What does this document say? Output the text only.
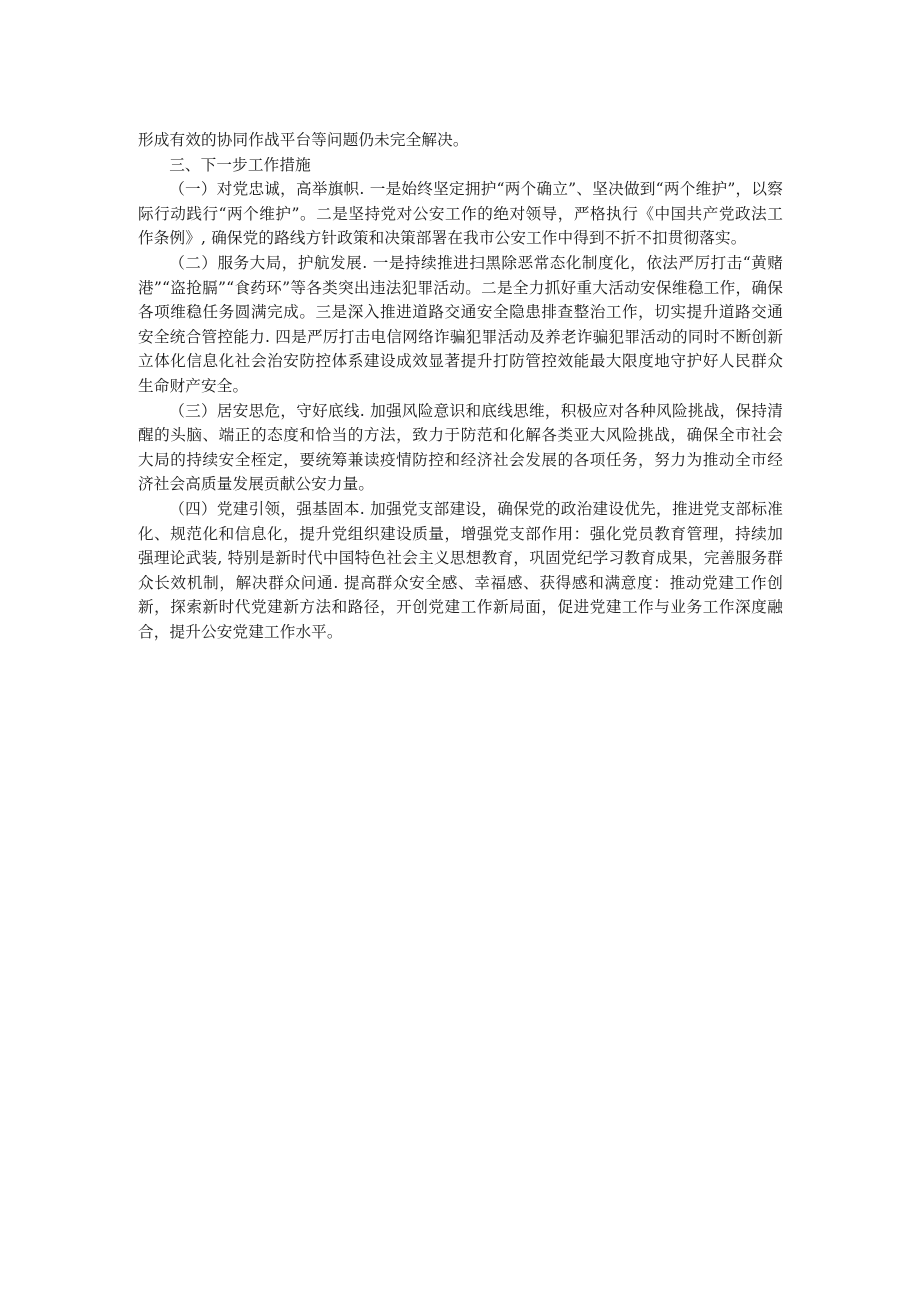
形成有效的协同作战平台等问题仍未完全解决。

三、下一步工作措施

（一）对党忠诚，高举旗帜. 一是始终坚定拥护“两个确立”、坚决做到“两个维护”，以察际行动践行“两个维护”。二是坚持党对公安工作的绝对领导，严格执行《中国共产党政法工作条例》, 确保党的路线方针政策和决策部署在我市公安工作中得到不折不扣贯彻落实。

（二）服务大局，护航发展. 一是持续推进扫黑除恶常态化制度化，依法严厉打击“黄赌港”“盗抢膈”“食药环”等各类突出违法犯罪活动。二是全力抓好重大活动安保维稳工作，确保各项维稳任务圆满完成。三是深入推进道路交通安全隐患排查整治工作，切实提升道路交通安全统合管控能力. 四是严厉打击电信网络诈骗犯罪活动及养老诈骗犯罪活动的同时不断创新立体化信息化社会治安防控体系建设成效显著提升打防管控效能最大限度地守护好人民群众生命财产安全。

（三）居安思危，守好底线. 加强风险意识和底线思维，积极应对各种风险挑战，保持清醒的头脑、端正的态度和恰当的方法，致力于防范和化解各类亚大风险挑战，确保全市社会大局的持续安全桎定，要统筹兼读疫情防控和经济社会发展的各项任务，努力为推动全市经济社会高质量发展贡献公安力量。

（四）党建引领，强基固本. 加强党支部建设，确保党的政治建设优先，推进党支部标准化、规范化和信息化，提升党组织建设质量，增强党支部作用：强化党员教育管理，持续加强理论武装, 特别是新时代中国特色社会主义思想教育，巩固党纪学习教育成果，完善服务群众长效机制，解决群众问通. 提高群众安全感、幸福感、获得感和满意度：推动党建工作创新，探索新时代党建新方法和路径，开创党建工作新局面，促进党建工作与业务工作深度融合，提升公安党建工作水平。
